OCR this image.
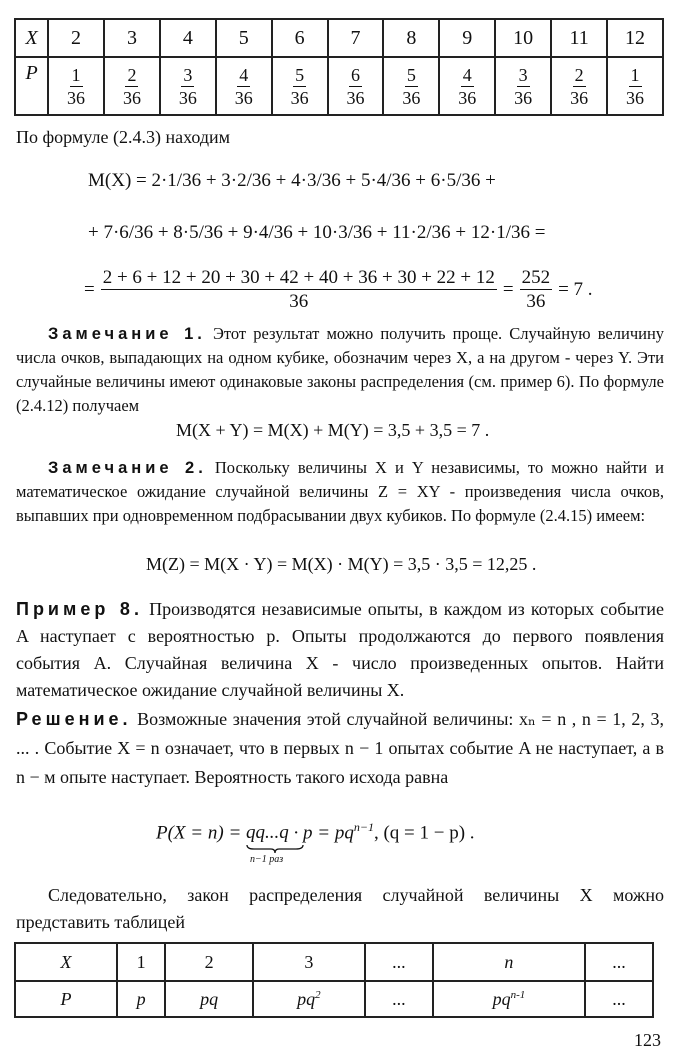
X	2	3	4	5	6	7	8	9	10	11	12
P	$\frac{1}{36}$	$\frac{2}{36}$	$\frac{3}{36}$	$\frac{4}{36}$	$\frac{5}{36}$	$\frac{6}{36}$	$\frac{5}{36}$	$\frac{4}{36}$	$\frac{3}{36}$	$\frac{2}{36}$	$\frac{1}{36}$
По формуле (2.4.3) находим
M(X) = 2·1/36 + 3·2/36 + 4·3/36 + 5·4/36 + 6·5/36 +
+ 7·6/36 + 8·5/36 + 9·4/36 + 10·3/36 + 11·2/36 + 12·1/36 =
= $\frac{2 + 6 + 12 + 20 + 30 + 42 + 40 + 36 + 30 + 22 + 12}{36} = \frac{252}{36} = 7$ .
Замечание 1. Этот результат можно получить проще. Случайную величину числа очков, выпадающих на одном кубике, обозначим через X, а на другом - через Y. Эти случайные величины имеют одинаковые законы распределения (см. пример 6). По формуле (2.4.12) получаем
M(X + Y) = M(X) + M(Y) = 3,5 + 3,5 = 7 .
Замечание 2. Поскольку величины X и Y независимы, то можно найти и математическое ожидание случайной величины Z = XY - произведения числа очков, выпавших при одновременном подбрасывании двух кубиков. По формуле (2.4.15) имеем:
M(Z) = M(X · Y) = M(X) · M(Y) = 3,5 · 3,5 = 12,25 .
Пример 8. Производятся независимые опыты, в каждом из которых событие A наступает с вероятностью p. Опыты продолжаются до первого появления события A. Случайная величина X - число произведенных опытов. Найти математическое ожидание случайной величины X.
Решение. Возможные значения этой случайной величины: xₙ = n , n = 1, 2, 3, ... . Событие X = n означает, что в первых n − 1 опытах событие A не наступает, а в n − м опыте наступает. Вероятность такого исхода равна
P(X = n) = qq...q
n−1 раз
· $p = pq^{n-1}$, (q = 1 − p) .
Следовательно, закон распределения случайной величины X можно представить таблицей
X	1	2	3	...	n	...
P	p	pq	$pq^2$	...	$pq^{n-1}$	...
123
